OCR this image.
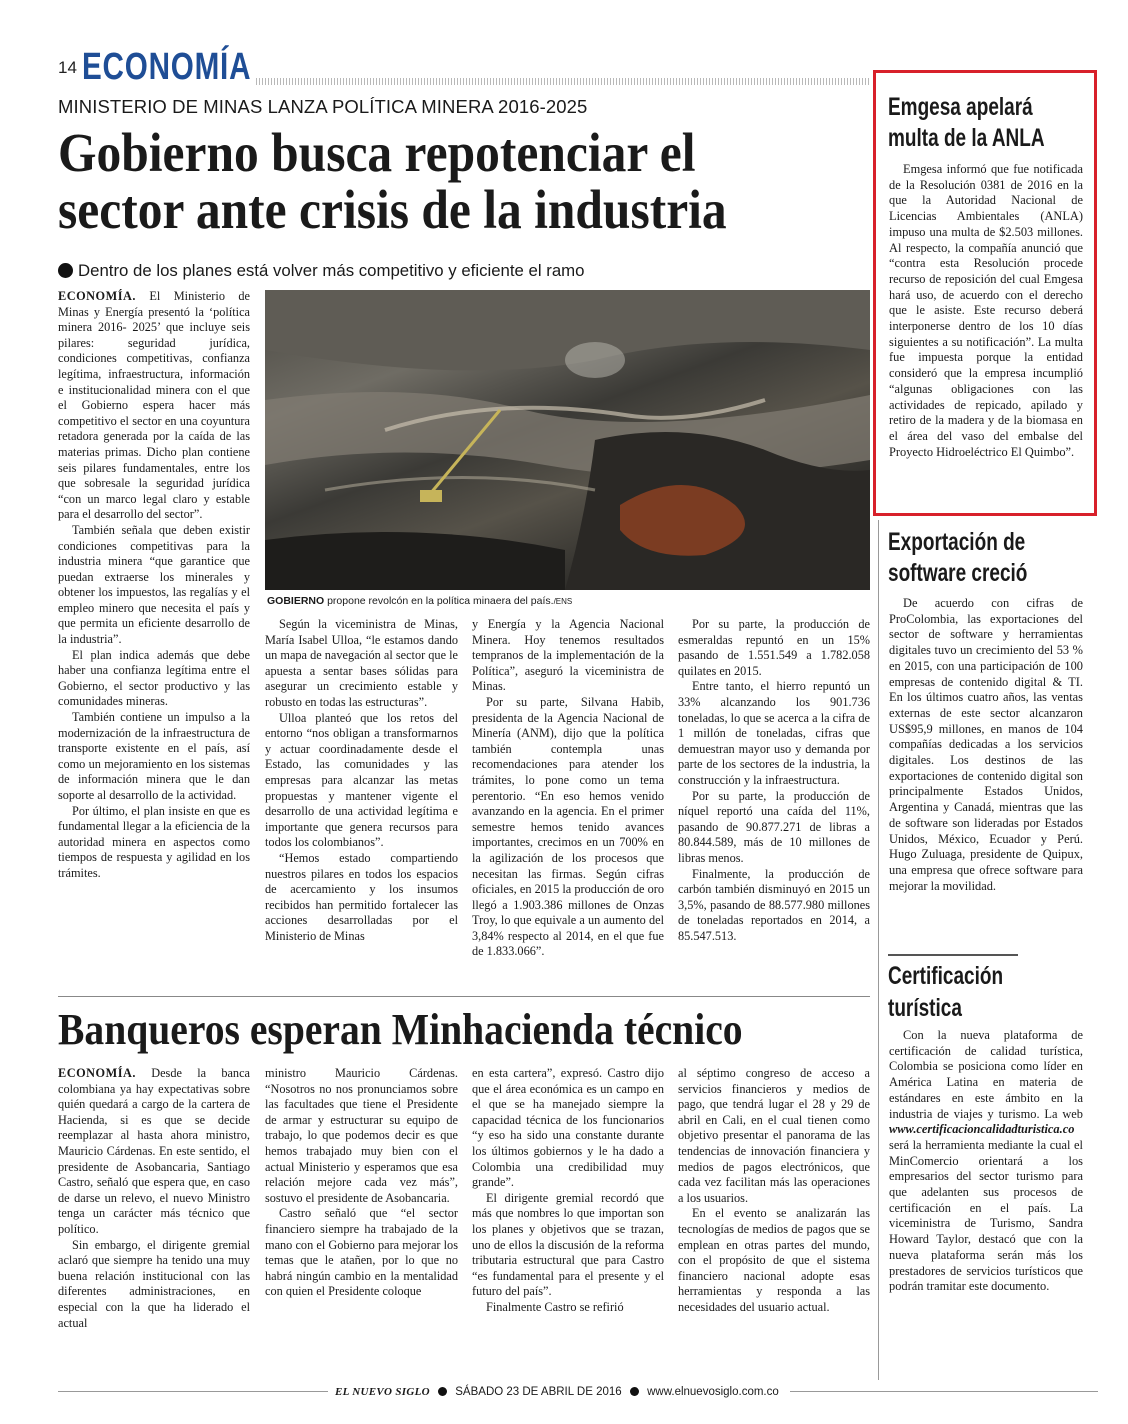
14 ECONOMÍA
MINISTERIO DE MINAS LANZA POLÍTICA MINERA 2016-2025
Gobierno busca repotenciar el
sector ante crisis de la industria
Dentro de los planes está volver más competitivo y eficiente el ramo

ECONOMÍA. El Ministerio de Minas y Energía presentó la ‘política minera 2016- 2025’ que incluye seis pilares: seguridad jurídica, condiciones competitivas, confianza legítima, infraestructura, información e institucionalidad minera con el que el Gobierno espera hacer más competitivo el sector en una coyuntura retadora generada por la caída de las materias primas. Dicho plan contiene seis pilares fundamentales, entre los que sobresale la seguridad jurídica “con un marco legal claro y estable para el desarrollo del sector”.

También señala que deben existir condiciones competitivas para la industria minera “que garantice que puedan extraerse los minerales y obtener los impuestos, las regalías y el empleo minero que necesita el país y que permita un eficiente desarrollo de la industria”.

El plan indica además que debe haber una confianza legítima entre el Gobierno, el sector productivo y las comunidades mineras.

También contiene un impulso a la modernización de la infraestructura de transporte existente en el país, así como un mejoramiento en los sistemas de información minera que le dan soporte al desarrollo de la actividad.

Por último, el plan insiste en que es fundamental llegar a la eficiencia de la autoridad minera en aspectos como tiempos de respuesta y agilidad en los trámites.

GOBIERNO propone revolcón en la política minaera del país./ENS

Según la viceministra de Minas, María Isabel Ulloa, “le estamos dando un mapa de navegación al sector que le apuesta a sentar bases sólidas para asegurar un crecimiento estable y robusto en todas las estructuras”.

Ulloa planteó que los retos del entorno “nos obligan a transformarnos y actuar coordinadamente desde el Estado, las comunidades y las empresas para alcanzar las metas propuestas y mantener vigente el desarrollo de una actividad legítima e importante que genera recursos para todos los colombianos”.

“Hemos estado compartiendo nuestros pilares en todos los espacios de acercamiento y los insumos recibidos han permitido fortalecer las acciones desarrolladas por el Ministerio de Minas

y Energía y la Agencia Nacional Minera. Hoy tenemos resultados tempranos de la implementación de la Política”, aseguró la viceministra de Minas.

Por su parte, Silvana Habib, presidenta de la Agencia Nacional de Minería (ANM), dijo que la política también contempla unas recomendaciones para atender los trámites, lo pone como un tema perentorio. “En eso hemos venido avanzando en la agencia. En el primer semestre hemos tenido avances importantes, crecimos en un 700% en la agilización de los procesos que necesitan las firmas. Según cifras oficiales, en 2015 la producción de oro llegó a 1.903.386 millones de Onzas Troy, lo que equivale a un aumento del 3,84% respecto al 2014, en el que fue de 1.833.066”.

Por su parte, la producción de esmeraldas repuntó en un 15% pasando de 1.551.549 a 1.782.058 quilates en 2015.

Entre tanto, el hierro repuntó un 33% alcanzando los 901.736 toneladas, lo que se acerca a la cifra de 1 millón de toneladas, cifras que demuestran mayor uso y demanda por parte de los sectores de la industria, la construcción y la infraestructura.

Por su parte, la producción de níquel reportó una caída del 11%, pasando de 90.877.271 de libras a 80.844.589, más de 10 millones de libras menos.

Finalmente, la producción de carbón también disminuyó en 2015 un 3,5%, pasando de 88.577.980 millones de toneladas reportados en 2014, a 85.547.513.

Banqueros esperan Minhacienda técnico

ECONOMÍA. Desde la banca colombiana ya hay expectativas sobre quién quedará a cargo de la cartera de Hacienda, si es que se decide reemplazar al hasta ahora ministro, Mauricio Cárdenas. En este sentido, el presidente de Asobancaria, Santiago Castro, señaló que espera que, en caso de darse un relevo, el nuevo Ministro tenga un carácter más técnico que político.

Sin embargo, el dirigente gremial aclaró que siempre ha tenido una muy buena relación institucional con las diferentes administraciones, en especial con la que ha liderado el actual

ministro Mauricio Cárdenas. “Nosotros no nos pronunciamos sobre las facultades que tiene el Presidente de armar y estructurar su equipo de trabajo, lo que podemos decir es que hemos trabajado muy bien con el actual Ministerio y esperamos que esa relación mejore cada vez más”, sostuvo el presidente de Asobancaria.

Castro señaló que “el sector financiero siempre ha trabajado de la mano con el Gobierno para mejorar los temas que le atañen, por lo que no habrá ningún cambio en la mentalidad con quien el Presidente coloque

en esta cartera”, expresó. Castro dijo que el área económica es un campo en el que se ha manejado siempre la capacidad técnica de los funcionarios “y eso ha sido una constante durante los últimos gobiernos y le ha dado a Colombia una credibilidad muy grande”.

El dirigente gremial recordó que más que nombres lo que importan son los planes y objetivos que se trazan, uno de ellos la discusión de la reforma tributaria estructural que para Castro “es fundamental para el presente y el futuro del país”.

Finalmente Castro se refirió

al séptimo congreso de acceso a servicios financieros y medios de pago, que tendrá lugar el 28 y 29 de abril en Cali, en el cual tienen como objetivo presentar el panorama de las tendencias de innovación financiera y medios de pagos electrónicos, que cada vez facilitan más las operaciones a los usuarios.

En el evento se analizarán las tecnologías de medios de pagos que se emplean en otras partes del mundo, con el propósito de que el sistema financiero nacional adopte esas herramientas y responda a las necesidades del usuario actual.

Emgesa apelará
multa de la ANLA

Emgesa informó que fue notificada de la Resolución 0381 de 2016 en la que la Autoridad Nacional de Licencias Ambientales (ANLA) impuso una multa de $2.503 millones. Al respecto, la compañía anunció que “contra esta Resolución procede recurso de reposición del cual Emgesa hará uso, de acuerdo con el derecho que le asiste. Este recurso deberá interponerse dentro de los 10 días siguientes a su notificación”. La multa fue impuesta porque la entidad consideró que la empresa incumplió “algunas obligaciones con las actividades de repicado, apilado y retiro de la madera y de la biomasa en el área del vaso del embalse del Proyecto Hidroeléctrico El Quimbo”.

Exportación de
software creció

De acuerdo con cifras de ProColombia, las exportaciones del sector de software y herramientas digitales tuvo un crecimiento del 53 % en 2015, con una participación de 100 empresas de contenido digital & TI. En los últimos cuatro años, las ventas externas de este sector alcanzaron US$95,9 millones, en manos de 104 compañías dedicadas a los servicios digitales. Los destinos de las exportaciones de contenido digital son principalmente Estados Unidos, Argentina y Canadá, mientras que las de software son lideradas por Estados Unidos, México, Ecuador y Perú. Hugo Zuluaga, presidente de Quipux, una empresa que ofrece software para mejorar la movilidad.

Certificación
turística

Con la nueva plataforma de certificación de calidad turística, Colombia se posiciona como líder en América Latina en materia de estándares en este ámbito en la industria de viajes y turismo. La web www.certificacioncalidadturistica.co será la herramienta mediante la cual el MinComercio orientará a los empresarios del sector turismo para que adelanten sus procesos de certificación en el país. La viceministra de Turismo, Sandra Howard Taylor, destacó que con la nueva plataforma serán más los prestadores de servicios turísticos que podrán tramitar este documento.

EL NUEVO SIGLO SÁBADO 23 DE ABRIL DE 2016 www.elnuevosiglo.com.co
